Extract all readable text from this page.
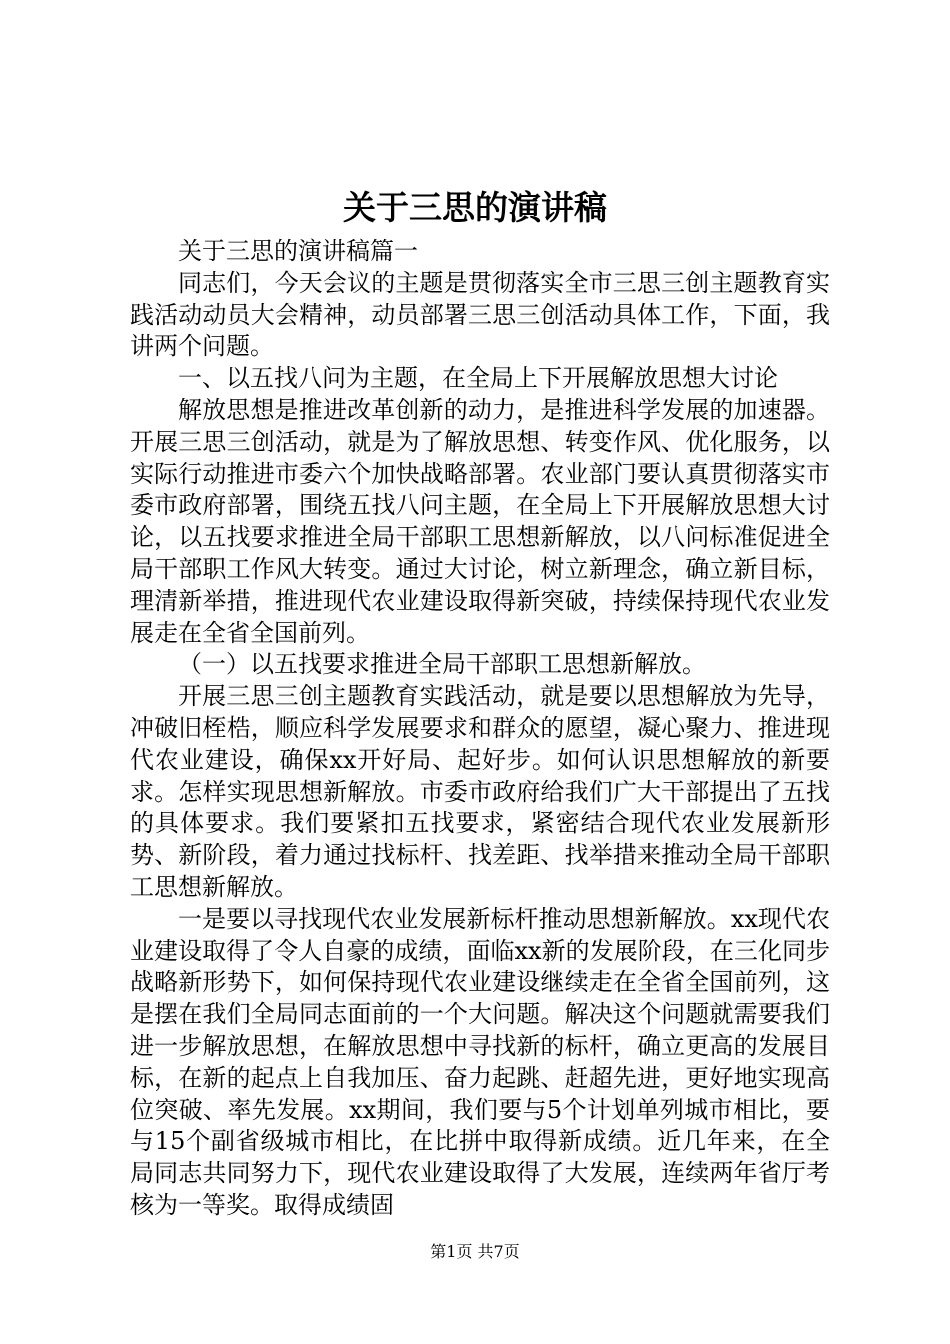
关于三思的演讲稿

关于三思的演讲稿篇一

同志们，今天会议的主题是贯彻落实全市三思三创主题教育实践活动动员大会精神，动员部署三思三创活动具体工作，下面，我讲两个问题。

一、以五找八问为主题，在全局上下开展解放思想大讨论

解放思想是推进改革创新的动力，是推进科学发展的加速器。开展三思三创活动，就是为了解放思想、转变作风、优化服务，以实际行动推进市委六个加快战略部署。农业部门要认真贯彻落实市委市政府部署，围绕五找八问主题，在全局上下开展解放思想大讨论，以五找要求推进全局干部职工思想新解放，以八问标准促进全局干部职工作风大转变。通过大讨论，树立新理念，确立新目标，理清新举措，推进现代农业建设取得新突破，持续保持现代农业发展走在全省全国前列。

（一）以五找要求推进全局干部职工思想新解放。

开展三思三创主题教育实践活动，就是要以思想解放为先导，冲破旧桎梏，顺应科学发展要求和群众的愿望，凝心聚力、推进现代农业建设，确保xx开好局、起好步。如何认识思想解放的新要求。怎样实现思想新解放。市委市政府给我们广大干部提出了五找的具体要求。我们要紧扣五找要求，紧密结合现代农业发展新形势、新阶段，着力通过找标杆、找差距、找举措来推动全局干部职工思想新解放。

一是要以寻找现代农业发展新标杆推动思想新解放。xx现代农业建设取得了令人自豪的成绩，面临xx新的发展阶段，在三化同步战略新形势下，如何保持现代农业建设继续走在全省全国前列，这是摆在我们全局同志面前的一个大问题。解决这个问题就需要我们进一步解放思想，在解放思想中寻找新的标杆，确立更高的发展目标，在新的起点上自我加压、奋力起跳、赶超先进，更好地实现高位突破、率先发展。xx期间，我们要与5个计划单列城市相比，要与15个副省级城市相比，在比拼中取得新成绩。近几年来，在全局同志共同努力下，现代农业建设取得了大发展，连续两年省厅考核为一等奖。取得成绩固

第1页 共7页
